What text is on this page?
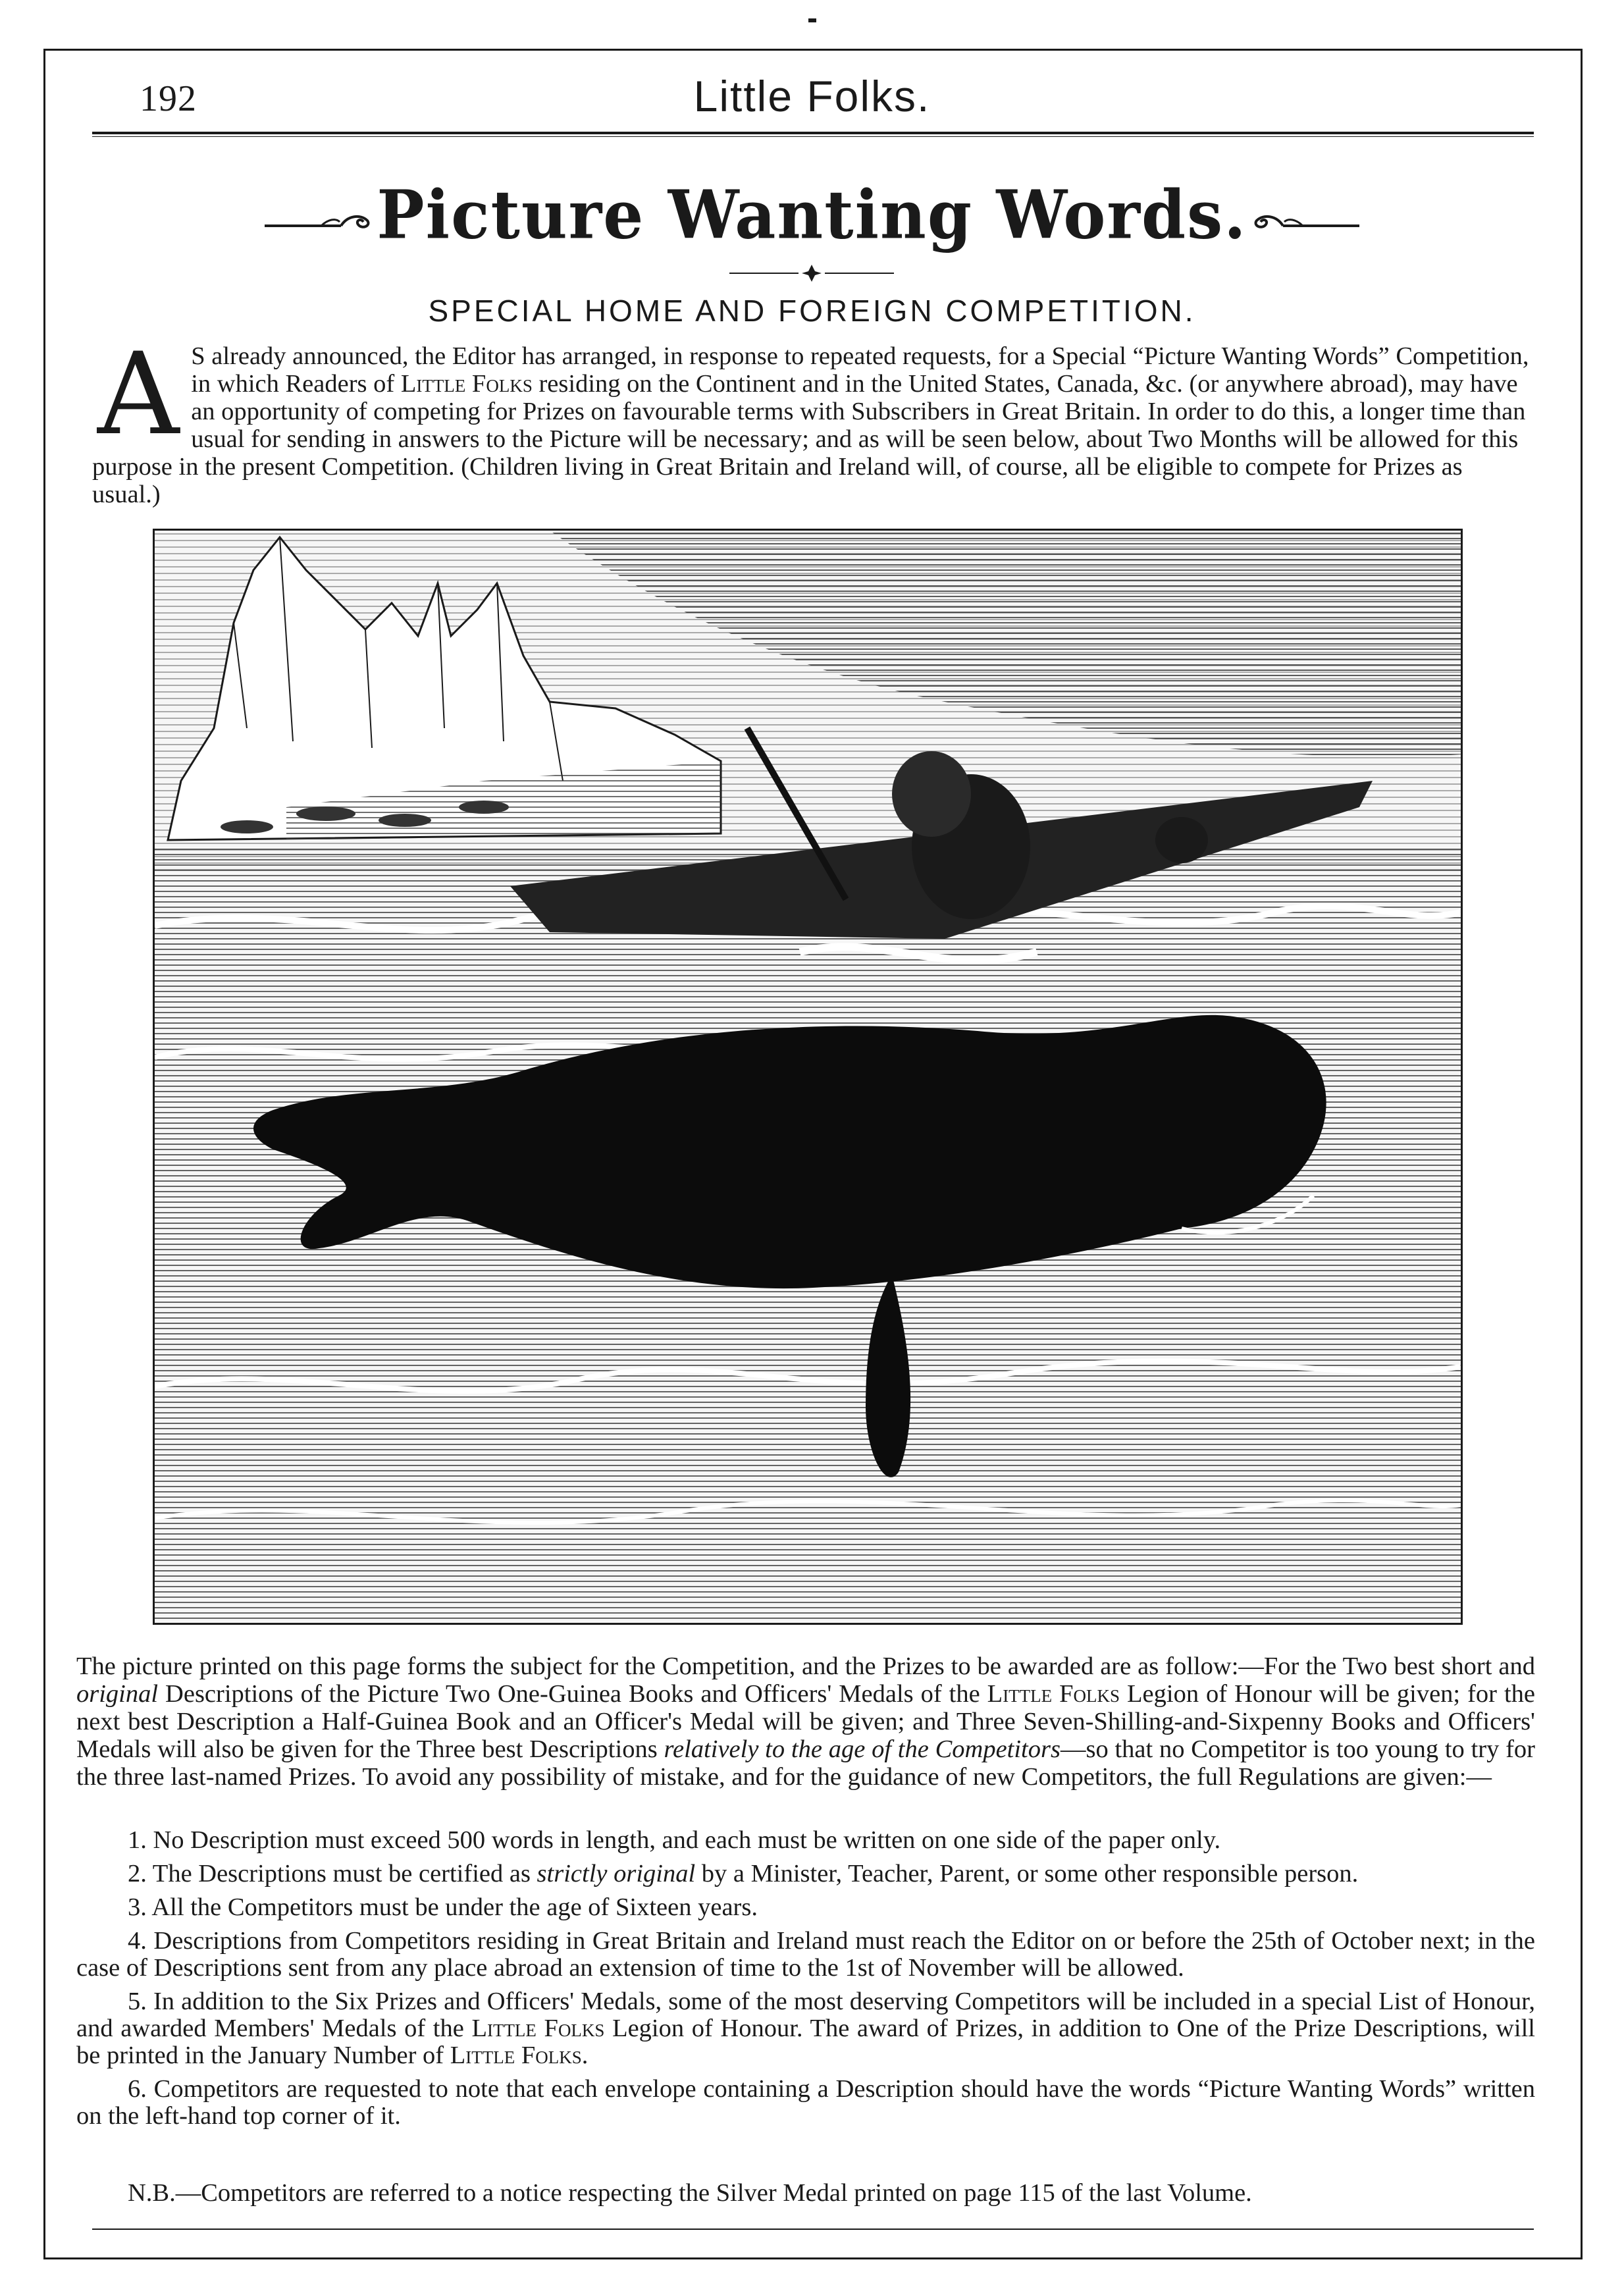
192	Little Folks.
Picture Wanting Words.
SPECIAL HOME AND FOREIGN COMPETITION.
A S already announced, the Editor has arranged, in response to repeated requests, for a Special “Picture Wanting Words” Competition, in which Readers of Little Folks residing on the Continent and in the United States, Canada, &c. (or anywhere abroad), may have an opportunity of competing for Prizes on favourable terms with Subscribers in Great Britain. In order to do this, a longer time than usual for sending in answers to the Picture will be necessary; and as will be seen below, about Two Months will be allowed for this purpose in the present Competition. (Children living in Great Britain and Ireland will, of course, all be eligible to compete for Prizes as usual.)

The picture printed on this page forms the subject for the Competition, and the Prizes to be awarded are as follow:—For the Two best short and original Descriptions of the Picture Two One-Guinea Books and Officers' Medals of the Little Folks Legion of Honour will be given; for the next best Description a Half-Guinea Book and an Officer's Medal will be given; and Three Seven-Shilling-and-Sixpenny Books and Officers' Medals will also be given for the Three best Descriptions relatively to the age of the Competitors—so that no Competitor is too young to try for the three last-named Prizes. To avoid any possibility of mistake, and for the guidance of new Competitors, the full Regulations are given:—

1. No Description must exceed 500 words in length, and each must be written on one side of the paper only.

2. The Descriptions must be certified as strictly original by a Minister, Teacher, Parent, or some other responsible person.

3. All the Competitors must be under the age of Sixteen years.

4. Descriptions from Competitors residing in Great Britain and Ireland must reach the Editor on or before the 25th of October next; in the case of Descriptions sent from any place abroad an extension of time to the 1st of November will be allowed.

5. In addition to the Six Prizes and Officers' Medals, some of the most deserving Competitors will be included in a special List of Honour, and awarded Members' Medals of the Little Folks Legion of Honour. The award of Prizes, in addition to One of the Prize Descriptions, will be printed in the January Number of Little Folks.

6. Competitors are requested to note that each envelope containing a Description should have the words “Picture Wanting Words” written on the left-hand top corner of it.

N.B.—Competitors are referred to a notice respecting the Silver Medal printed on page 115 of the last Volume.
